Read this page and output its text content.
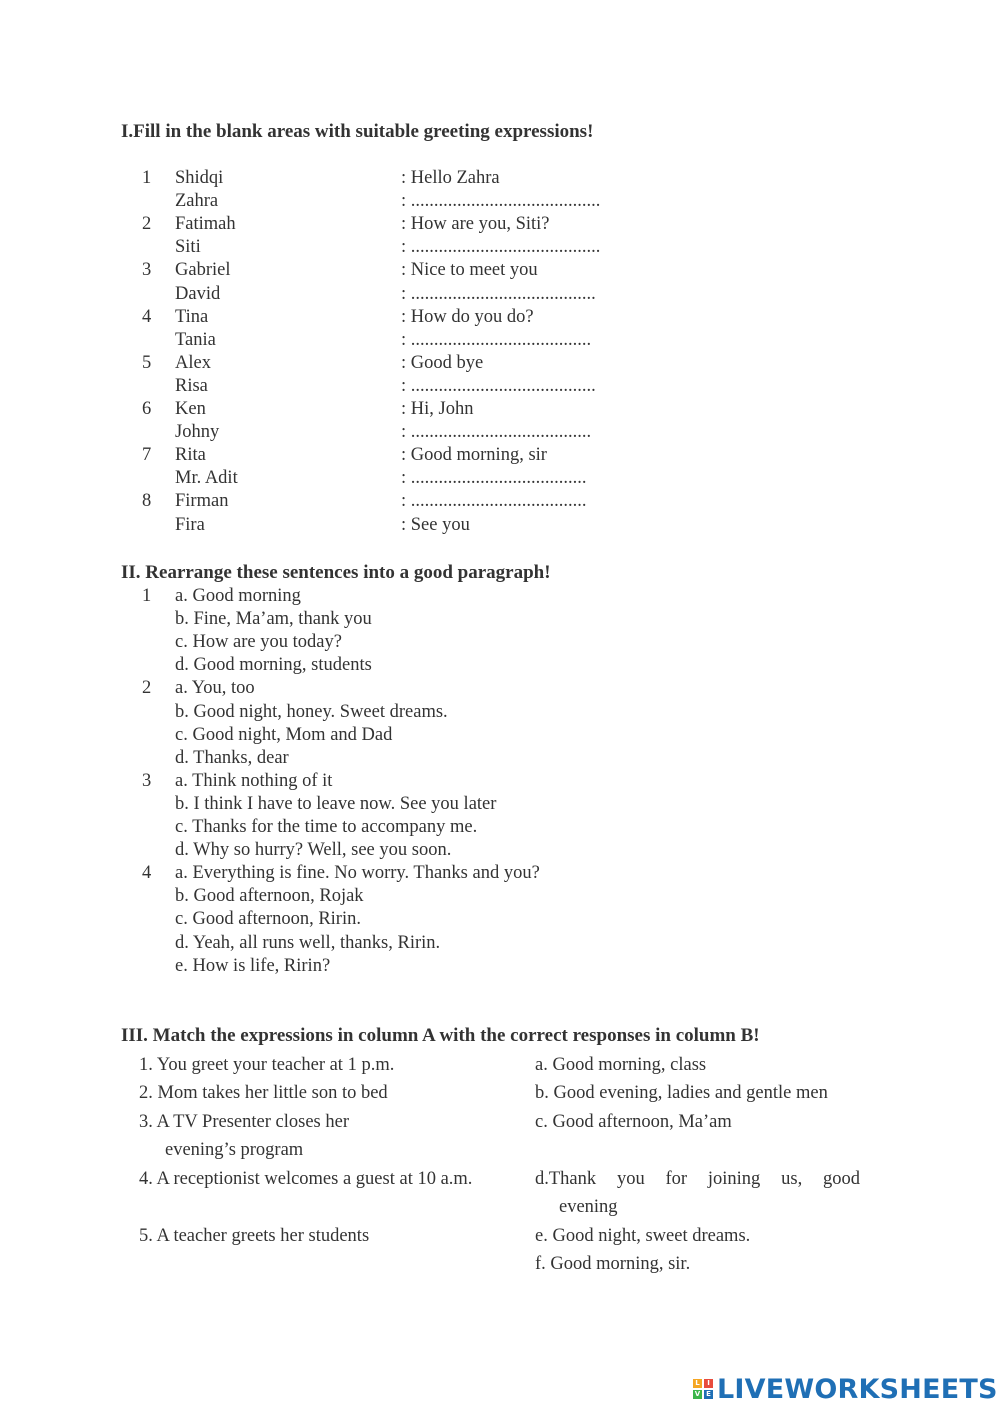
I.Fill in the blank areas with suitable greeting expressions!
1 Shidqi	: Hello Zahra
Zahra	: .........................................
2 Fatimah	: How are you, Siti?
Siti	: .........................................
3 Gabriel	: Nice to meet you
David	: ........................................
4 Tina	: How do you do?
Tania	: .......................................
5 Alex	: Good bye
Risa	: ........................................
6 Ken	: Hi, John
Johny	: .......................................
7 Rita	: Good morning, sir
Mr. Adit	: ......................................
8 Firman	: ......................................
Fira	: See you
II. Rearrange these sentences into a good paragraph!
1 a. Good morning
b. Fine, Ma’am, thank you
c. How are you today?
d. Good morning, students
2 a. You, too
b. Good night, honey. Sweet dreams.
c. Good night, Mom and Dad
d. Thanks, dear
3 a. Think nothing of it
b. I think I have to leave now. See you later
c. Thanks for the time to accompany me.
d. Why so hurry? Well, see you soon.
4 a. Everything is fine. No worry. Thanks and you?
b. Good afternoon, Rojak
c. Good afternoon, Ririn.
d. Yeah, all runs well, thanks, Ririn.
e. How is life, Ririn?
III. Match the expressions in column A with the correct responses in column B!
1. You greet your teacher at 1 p.m.
2. Mom takes her little son to bed
3. A TV Presenter closes her
evening’s program
4. A receptionist welcomes a guest at 10 a.m.
5. A teacher greets her students
a. Good morning, class
b. Good evening, ladies and gentle men
c. Good afternoon, Ma’am
d.Thank you for joining us, good
evening
e. Good night, sweet dreams.
f. Good morning, sir.
L	I
V E LIVEWORKSHEETS
